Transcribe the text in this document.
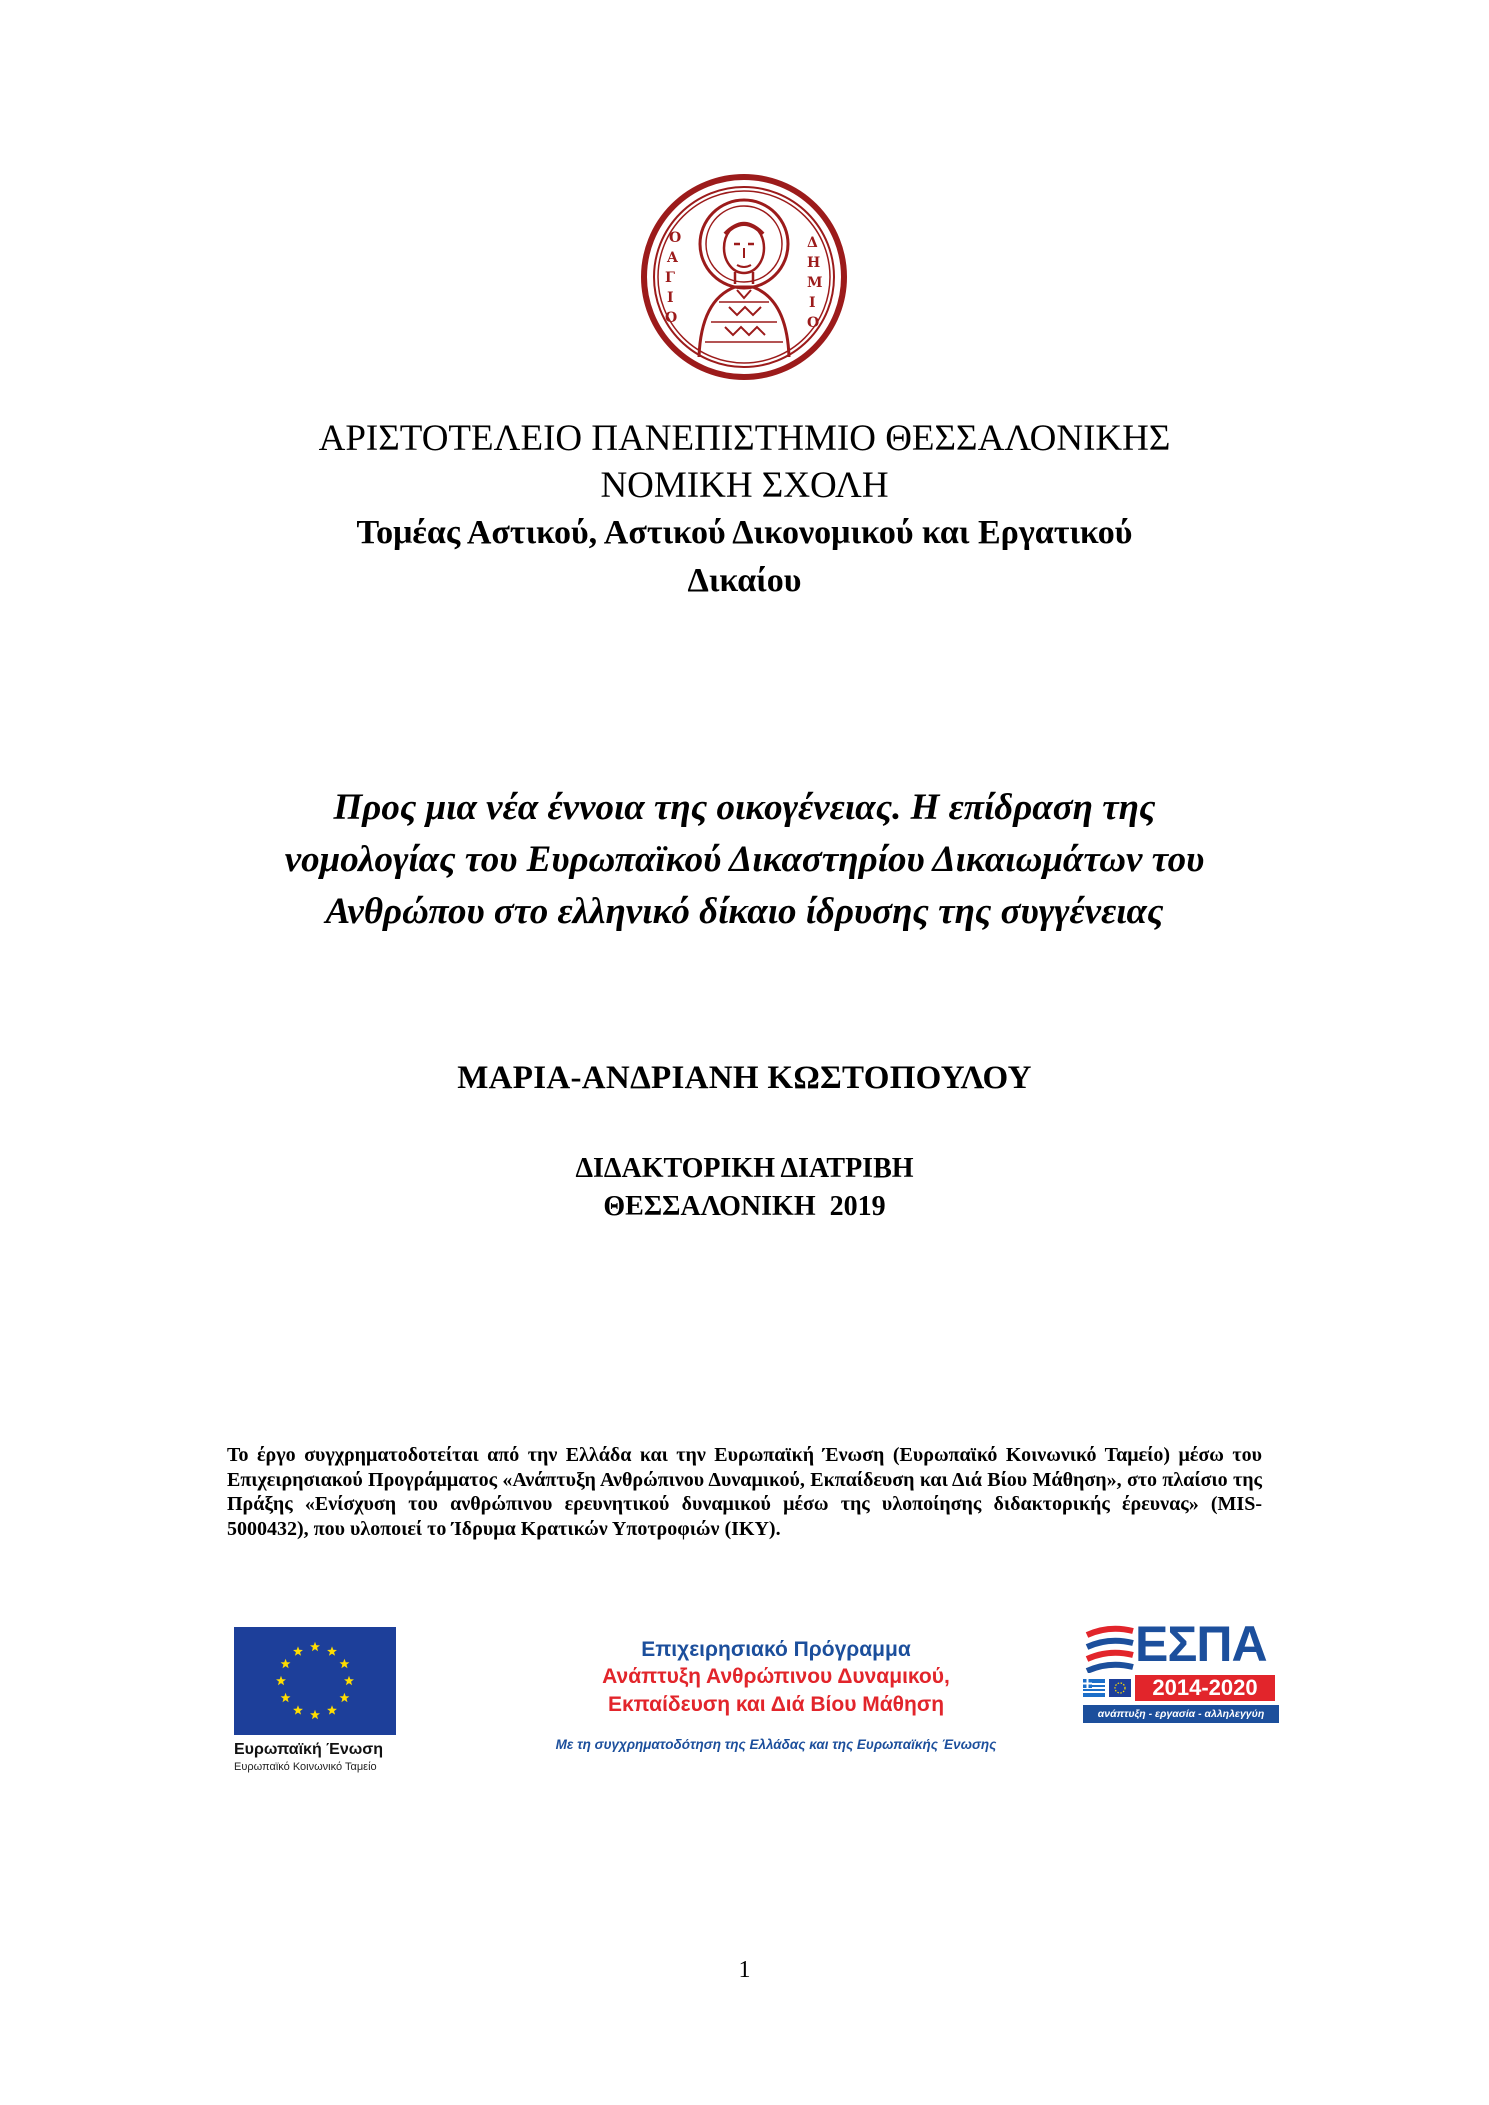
Ο
Α
Γ
Ι
Ο
Δ
Η
Μ
Ι
Ο
ΑΡΙΣΤΟΤΕΛΕΙΟ ΠΑΝΕΠΙΣΤΗΜΙΟ ΘΕΣΣΑΛΟΝΙΚΗΣ
ΝΟΜΙΚΗ ΣΧΟΛΗ
Τομέας Αστικού, Αστικού Δικονομικού και Εργατικού
Δικαίου
Προς μια νέα έννοια της οικογένειας. Η επίδραση της
νομολογίας του Ευρωπαϊκού Δικαστηρίου Δικαιωμάτων του
Ανθρώπου στο ελληνικό δίκαιο ίδρυσης της συγγένειας
ΜΑΡΙΑ-ΑΝΔΡΙΑΝΗ ΚΩΣΤΟΠΟΥΛΟΥ
ΔΙΔΑΚΤΟΡΙΚΗ ΔΙΑΤΡΙΒΗ
ΘΕΣΣΑΛΟΝΙΚΗ  2019
Το έργο συγχρηματοδοτείται από την Ελλάδα και την Ευρωπαϊκή Ένωση (Ευρωπαϊκό Κοινωνικό Ταμείο) μέσω του Επιχειρησιακού Προγράμματος «Ανάπτυξη Ανθρώπινου Δυναμικού, Εκπαίδευση και Διά Βίου Μάθηση», στο πλαίσιο της Πράξης «Ενίσχυση του ανθρώπινου ερευνητικού δυναμικού μέσω της υλοποίησης διδακτορικής έρευνας» (MIS-5000432), που υλοποιεί το Ίδρυμα Κρατικών Υποτροφιών (ΙΚΥ).
Ευρωπαϊκή Ένωση
Ευρωπαϊκό Κοινωνικό Ταμείο
Επιχειρησιακό Πρόγραμμα
Ανάπτυξη Ανθρώπινου Δυναμικού,
Εκπαίδευση και Διά Βίου Μάθηση
Με τη συγχρηματοδότηση της Ελλάδας και της Ευρωπαϊκής Ένωσης
ΕΣΠΑ
2014-2020
ανάπτυξη - εργασία - αλληλεγγύη
1
